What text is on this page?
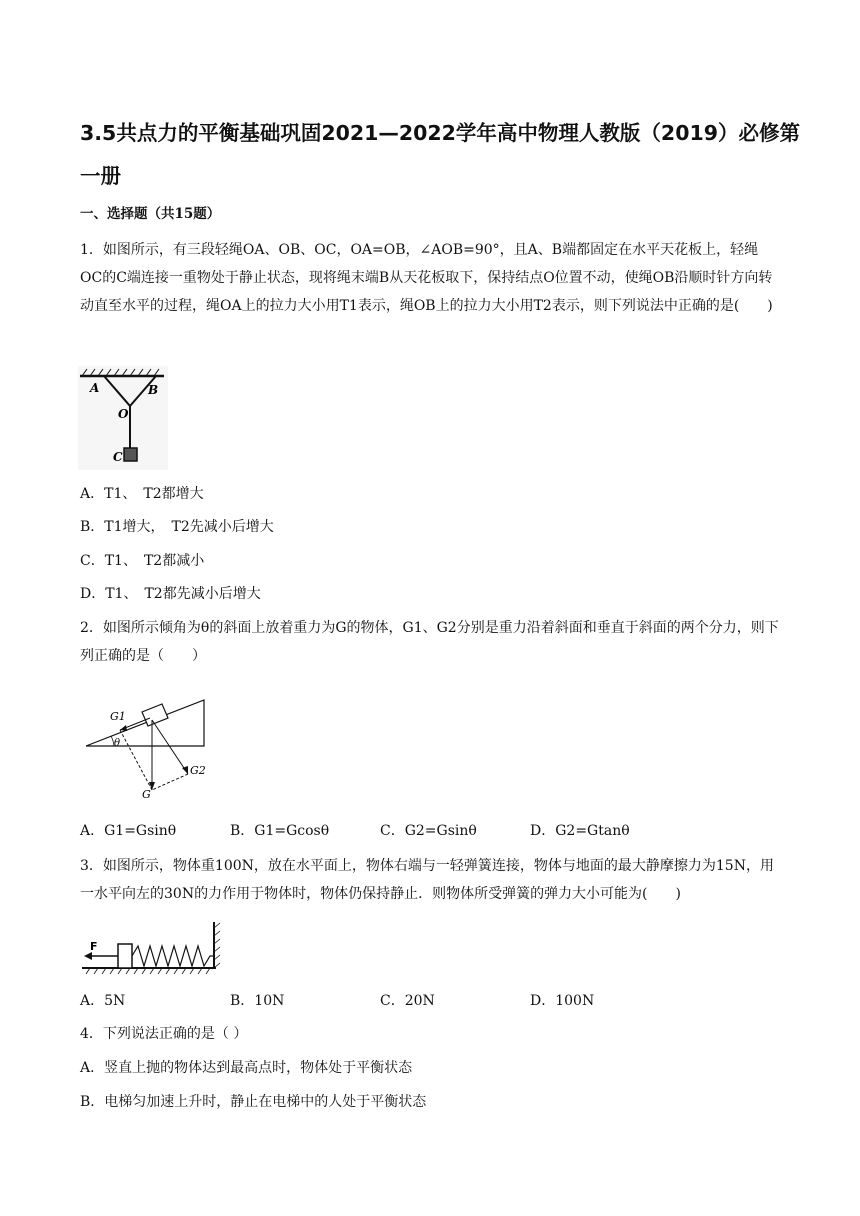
3.5共点力的平衡基础巩固2021—2022学年高中物理人教版（2019）必修第一册
一、选择题（共15题）
1．如图所示，有三段轻绳OA、OB、OC，OA=OB，∠AOB=90°，且A、B端都固定在水平天花板上，轻绳OC的C端连接一重物处于静止状态，现将绳末端B从天花板取下，保持结点O位置不动，使绳OB沿顺时针方向转动直至水平的过程，绳OA上的拉力大小用T1表示，绳OB上的拉力大小用T2表示，则下列说法中正确的是(　　)
A	B
O
C
A．T1、　T2都增大
B．T1增大，　T2先减小后增大
C．T1、　T2都减小
D．T1、　T2都先减小后增大
2．如图所示倾角为θ的斜面上放着重力为G的物体，G1、G2分别是重力沿着斜面和垂直于斜面的两个分力，则下列正确的是（　　）
G1
θ
G2
G
A．G1=Gsinθ	B．G1=Gcosθ	C．G2=Gsinθ	D．G2=Gtanθ
3．如图所示，物体重100N，放在水平面上，物体右端与一轻弹簧连接，物体与地面的最大静摩擦力为15N，用一水平向左的30N的力作用于物体时，物体仍保持静止．则物体所受弹簧的弹力大小可能为(　　)
F
A．5N	B．10N	C．20N	D．100N
4．下列说法正确的是（ ）
A．竖直上抛的物体达到最高点时，物体处于平衡状态
B．电梯匀加速上升时，静止在电梯中的人处于平衡状态
